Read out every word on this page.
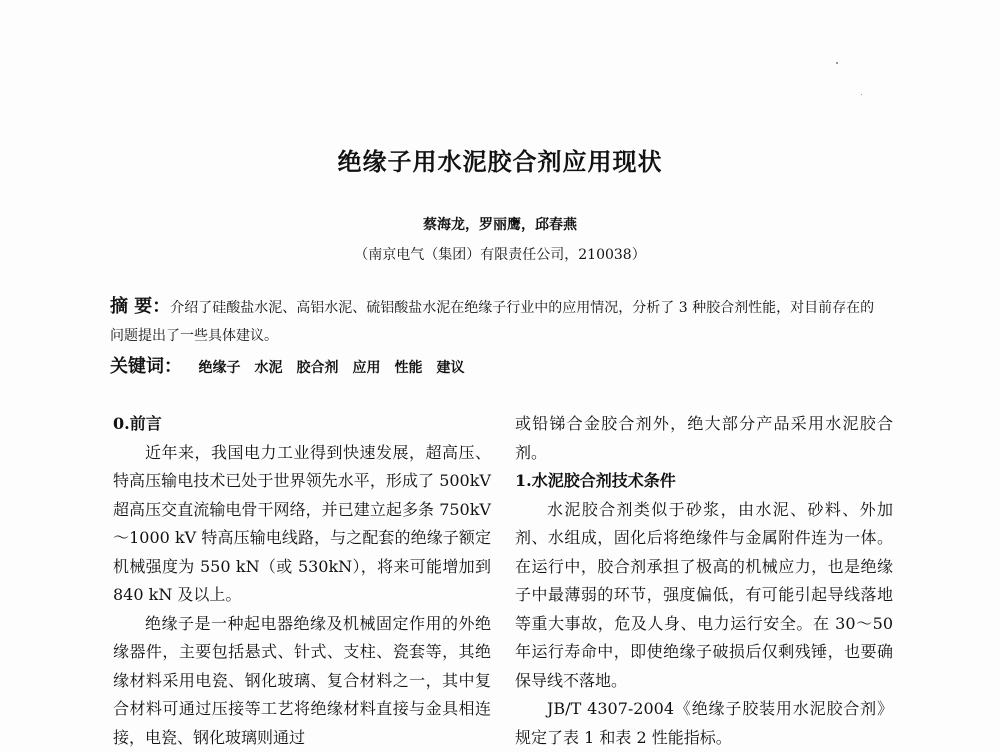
绝缘子用水泥胶合剂应用现状
蔡海龙，罗丽鹰，邱春燕
（南京电气（集团）有限责任公司，210038）
摘 要：介绍了硅酸盐水泥、高铝水泥、硫铝酸盐水泥在绝缘子行业中的应用情况，分析了 3 种胶合剂性能，对目前存在的问题提出了一些具体建议。
关键词： 绝缘子 水泥 胶合剂 应用 性能 建议

0.前言

近年来，我国电力工业得到快速发展，超高压、特高压输电技术已处于世界领先水平，形成了 500kV 超高压交直流输电骨干网络，并已建立起多条 750kV～1000 kV 特高压输电线路，与之配套的绝缘子额定机械强度为 550 kN（或 530kN），将来可能增加到 840 kN 及以上。

绝缘子是一种起电器绝缘及机械固定作用的外绝缘器件，主要包括悬式、针式、支柱、瓷套等，其绝缘材料采用电瓷、钢化玻璃、复合材料之一，其中复合材料可通过压接等工艺将绝缘材料直接与金具相连接，电瓷、钢化玻璃则通过

或铅锑合金胶合剂外，绝大部分产品采用水泥胶合剂。

1.水泥胶合剂技术条件

水泥胶合剂类似于砂浆，由水泥、砂料、外加剂、水组成，固化后将绝缘件与金属附件连为一体。在运行中，胶合剂承担了极高的机械应力，也是绝缘子中最薄弱的环节，强度偏低，有可能引起导线落地等重大事故，危及人身、电力运行安全。在 30～50 年运行寿命中，即使绝缘子破损后仅剩残锤，也要确保导线不落地。

JB/T 4307-2004《绝缘子胶装用水泥胶合剂》规定了表 1 和表 2 性能指标。
